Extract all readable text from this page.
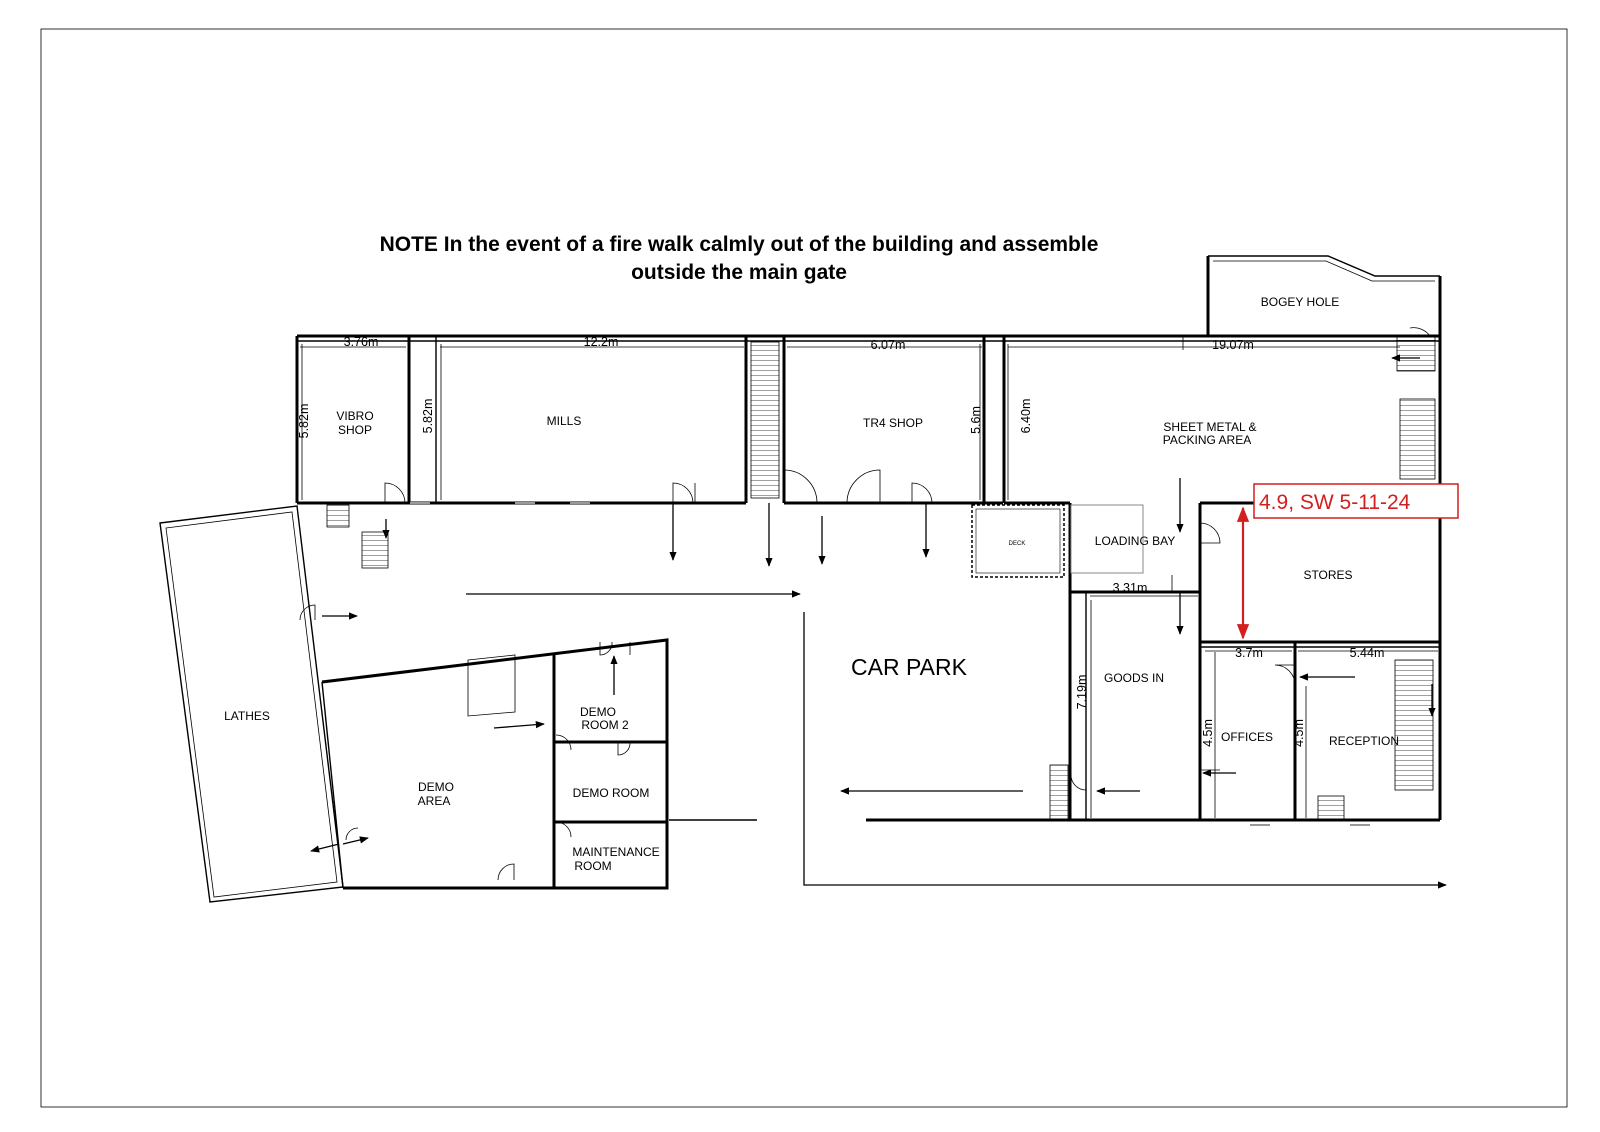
NOTE In the event of a fire walk calmly out of the building and assemble
outside the main gate
BOGEY HOLE
VIBRO
SHOP
MILLS	TR4 SHOP	SHEET METAL &
PACKING AREA
DECK	LOADING BAY
STORES
CAR PARK	GOODS IN
OFFICES	RECEPTION
LATHES
DEMO
AREA
DEMO
ROOM 2
DEMO ROOM
MAINTENANCE
ROOM
3.76m	12.2m	6.07m	19.07m
5.82m	5.82m	5.6m	6.40m
3.31m
7.19m
3.7m
4.5m
5.44m
4.5m
4.9, SW 5-11-24
